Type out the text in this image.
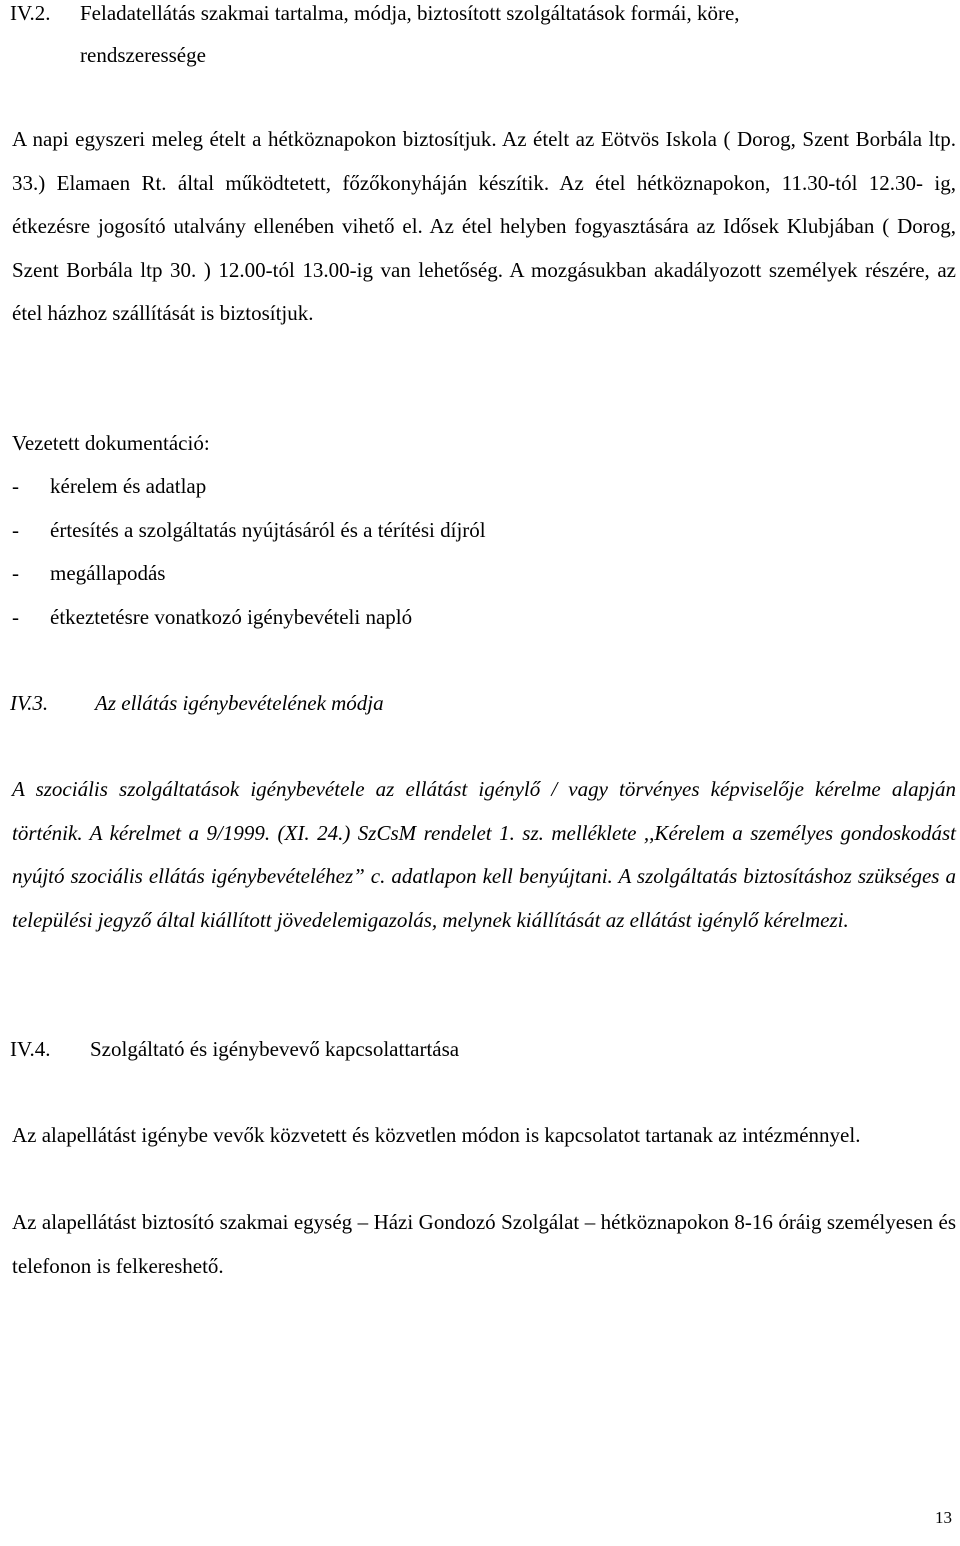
IV.2. Feladatellátás szakmai tartalma, módja, biztosított szolgáltatások formái, köre,
rendszeressége

A napi egyszeri meleg ételt a hétköznapokon biztosítjuk. Az ételt az Eötvös Iskola ( Dorog, Szent Borbála ltp. 33.) Elamaen Rt. által működtetett, főzőkonyháján készítik. Az étel hétköznapokon, 11.30-tól 12.30- ig, étkezésre jogosító utalvány ellenében vihető el. Az étel helyben fogyasztására az Idősek Klubjában ( Dorog, Szent Borbála ltp 30. ) 12.00-tól 13.00-ig van lehetőség. A mozgásukban akadályozott személyek részére, az étel házhoz szállítását is biztosítjuk.

Vezetett dokumentáció:

-	kérelem és adatlap
-	értesítés a szolgáltatás nyújtásáról és a térítési díjról
-	megállapodás
-	étkeztetésre vonatkozó igénybevételi napló
IV.3. Az ellátás igénybevételének módja

A szociális szolgáltatások igénybevétele az ellátást igénylő / vagy törvényes képviselője kérelme alapján történik. A kérelmet a 9/1999. (XI. 24.) SzCsM rendelet 1. sz. melléklete ,,Kérelem a személyes gondoskodást nyújtó szociális ellátás igénybevételéhez” c. adatlapon kell benyújtani. A szolgáltatás biztosításhoz szükséges a települési jegyző által kiállított jövedelemigazolás, melynek kiállítását az ellátást igénylő kérelmezi.

IV.4. Szolgáltató és igénybevevő kapcsolattartása

Az alapellátást igénybe vevők közvetett és közvetlen módon is kapcsolatot tartanak az intézménnyel.

Az alapellátást biztosító szakmai egység – Házi Gondozó Szolgálat – hétköznapokon 8-16 óráig személyesen és telefonon is felkereshető.

13
